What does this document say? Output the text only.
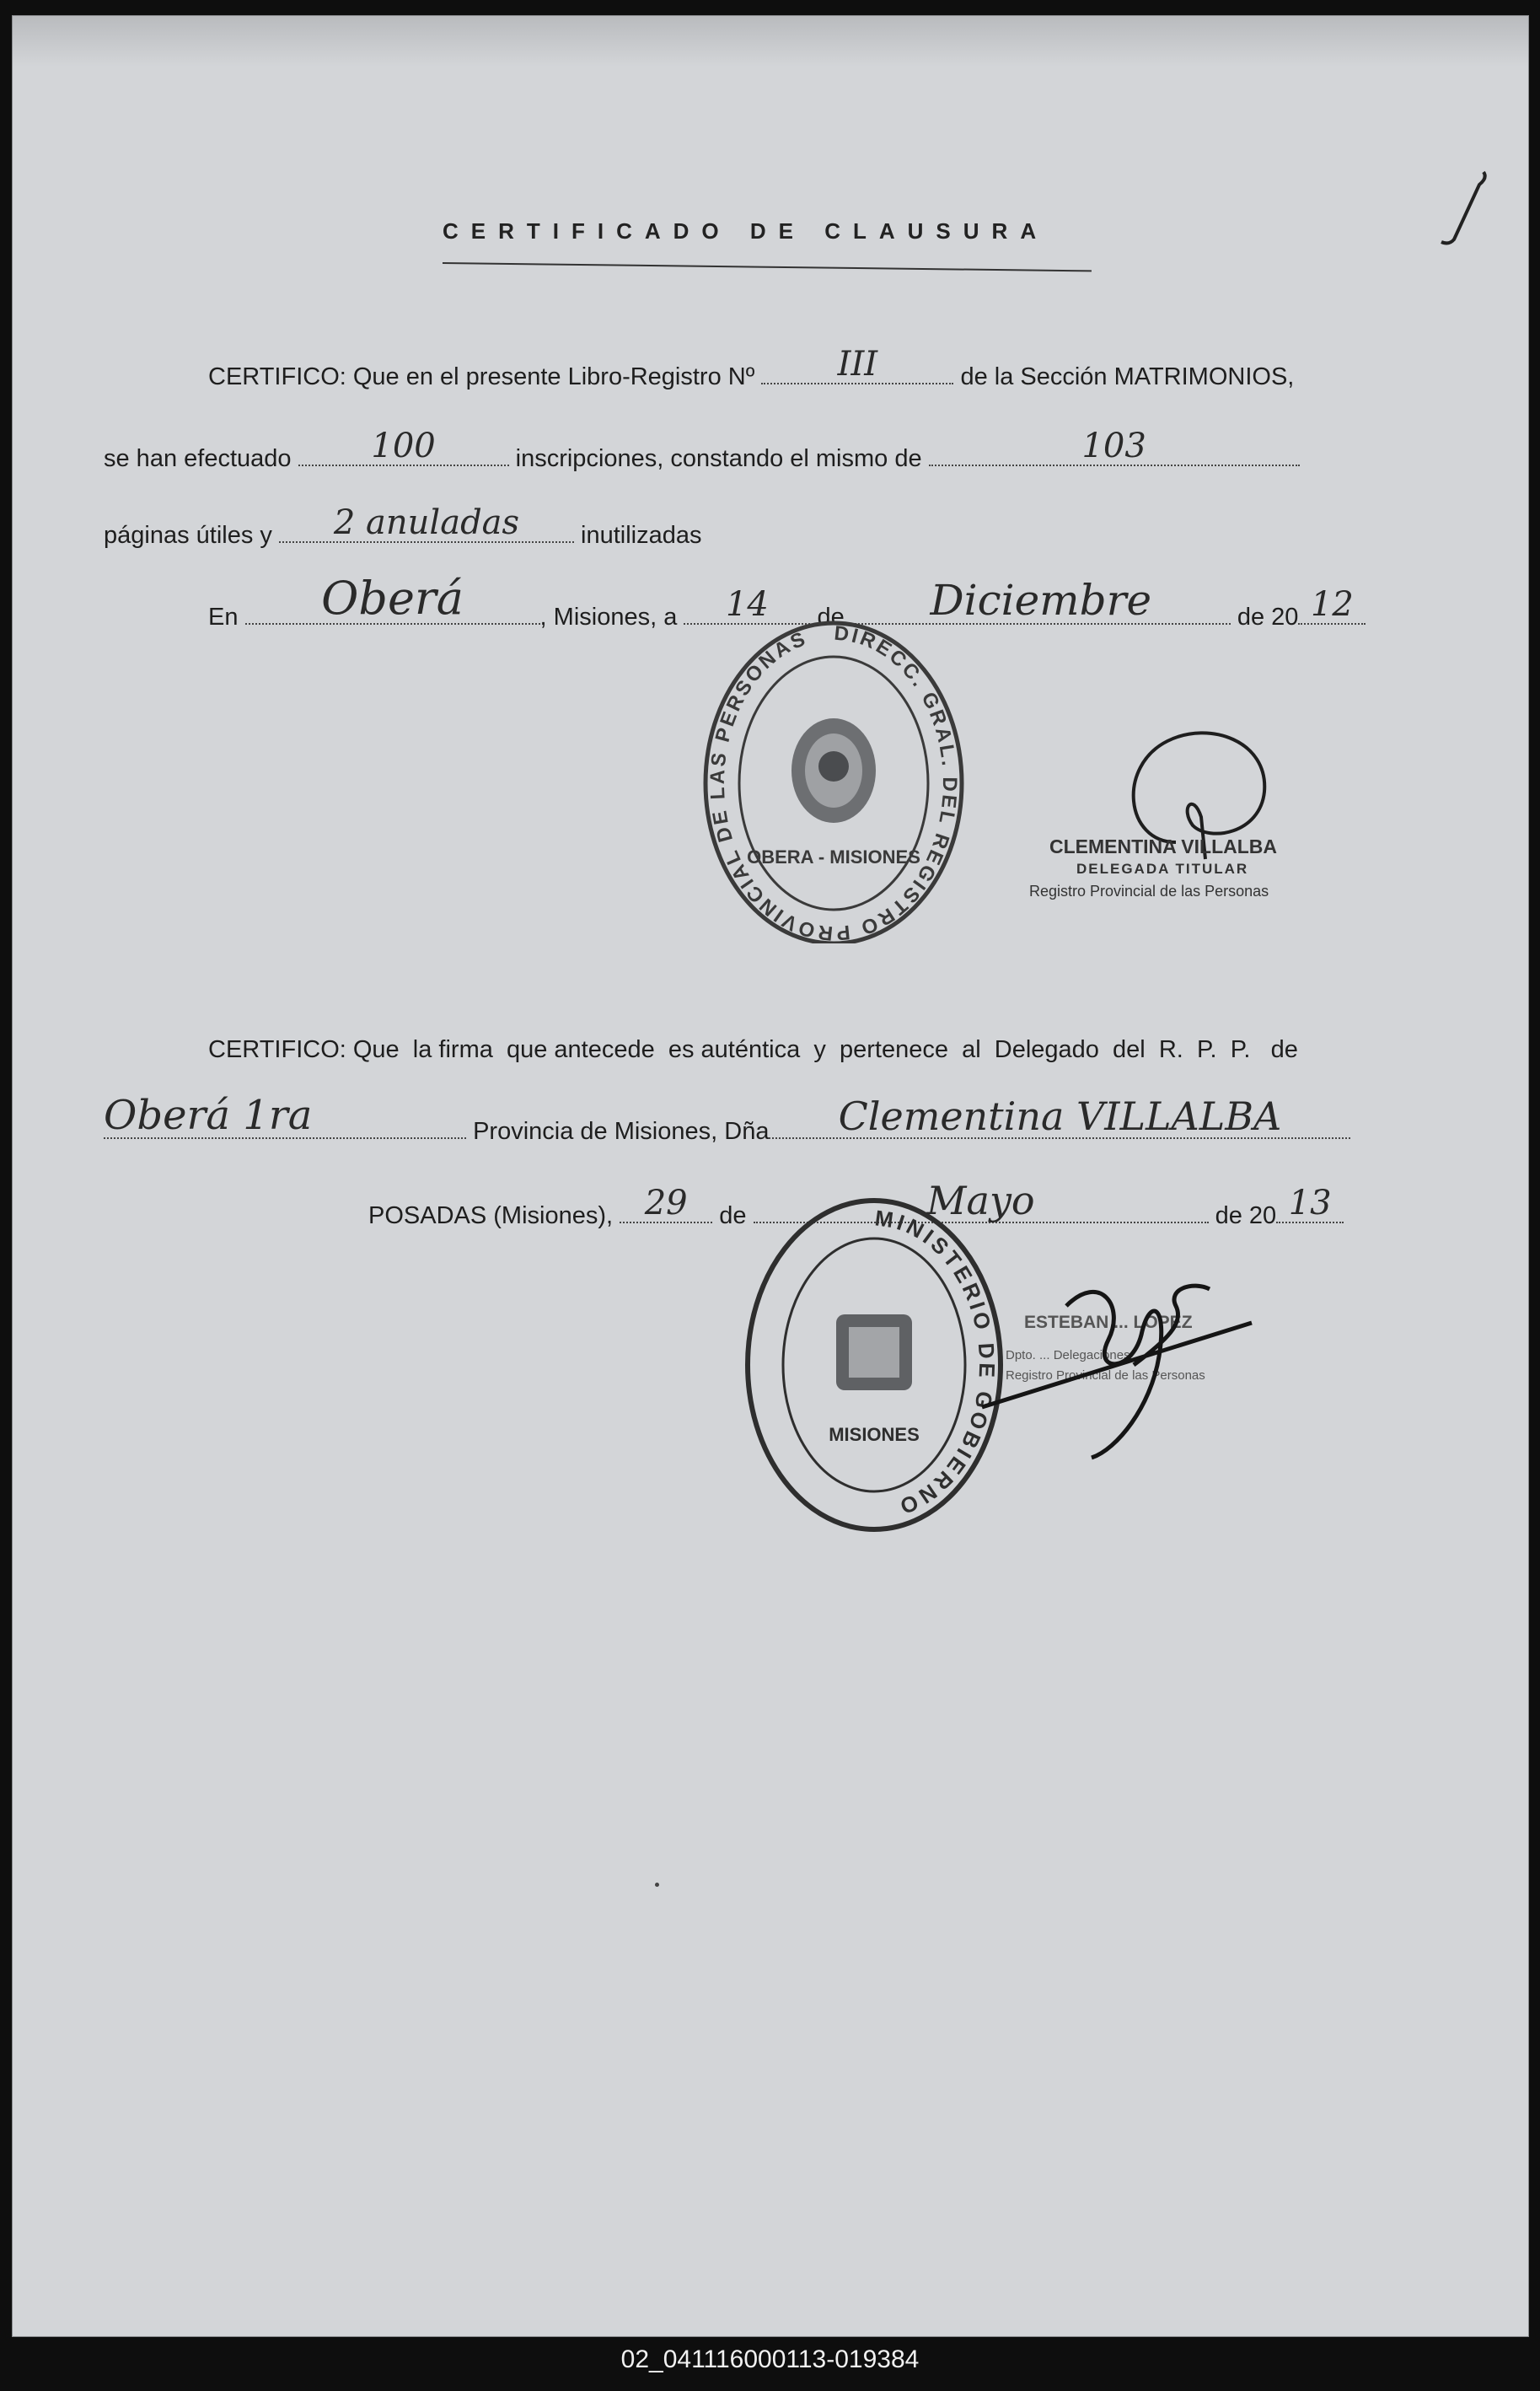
CERTIFICADO DE CLAUSURA
CERTIFICO: Que en el presente Libro-Registro Nº	III	de la Sección MATRIMONIOS,
se han efectuado	100	inscripciones, constando el mismo de	103
páginas útiles y	2 anuladas	inutilizadas
En	Oberá	, Misiones, a	14	de	Diciembre	de 20 12
DIRECC. GRAL. DEL REGISTRO PROVINCIAL DE LAS PERSONAS
OBERA - MISIONES	CLEMENTINA VILLALBA
DELEGADA TITULAR
Registro Provincial de las Personas
CERTIFICO: Que  la firma  que antecede  es auténtica  y  pertenece  al  Delegado  del  R.  P.  P.   de
Oberá 1ra	Provincia de Misiones, Dña	Clementina VILLALBA
POSADAS (Misiones), 29	de	Mayo	de 20 13
MINISTERIO DE GOBIERNO
MISIONES
ESTEBAN ... LÓPEZ
Dpto. ... Delegaciones
Registro Provincial de las Personas
02_041116000113-019384
